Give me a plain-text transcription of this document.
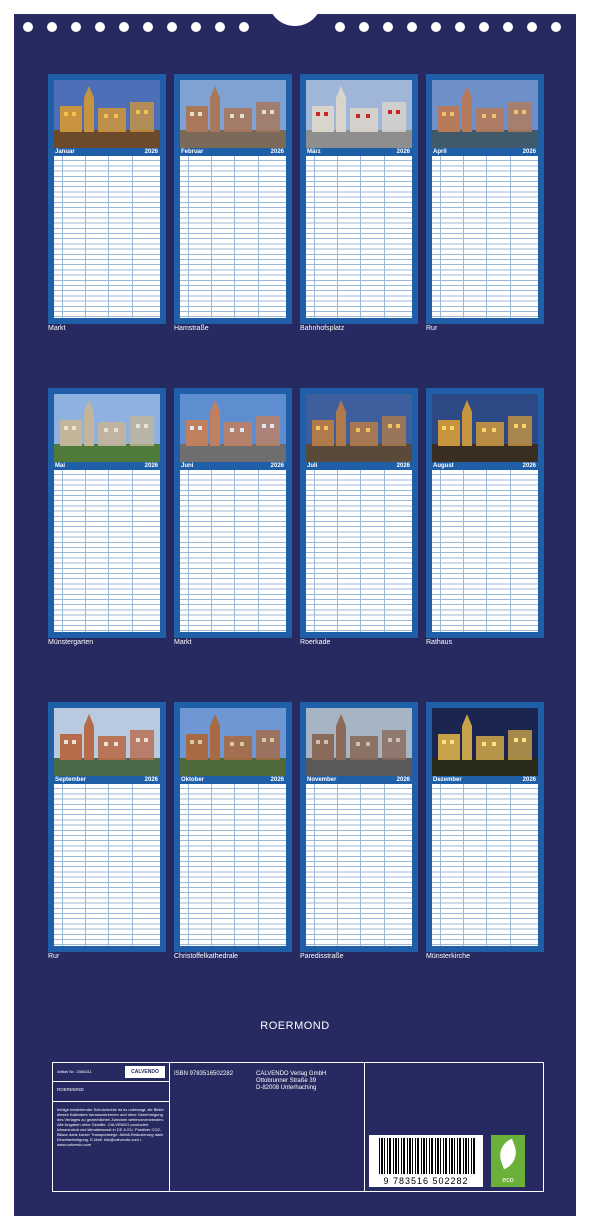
Januar	2026
Markt
Februar	2026
Hamstraße
März	2026
Bahnhofsplatz
April	2026
Rur
Mai	2026
Münstergarten
Juni	2026
Markt
Juli	2026
Roerkade
August	2026
Rathaus
September	2026
Rur
Oktober	2026
Christoffelkathedrale
November	2026
Paredisstraße
Dezember	2026
Münsterkirche
ROERMOND
Artikel Nr.: 2066311	CALVENDO
ROERMOND
Infolge bestehender Schutzrechte ist es untersagt, die Bilder dieses Kalenders herauszutrennen und ohne Genehmigung des Verlages zu gewerblichen Zwecken weiterzuverwenden. Alle Angaben ohne Gewähr. CALVENDO produziert klimaneutral und klimabewusst in DE & EU. Positiver CO2-Bilanz dank kurzer Transportwege. Abfall-Reduzierung dank Einzelanfertigung. E-Mail: info@calvendo.com • www.calvendo.com
ISBN 9783516502282	CALVENDO Verlag GmbH
Ottobrunner Straße 39
D-82008 Unterhaching
9 783516 502282	eco
